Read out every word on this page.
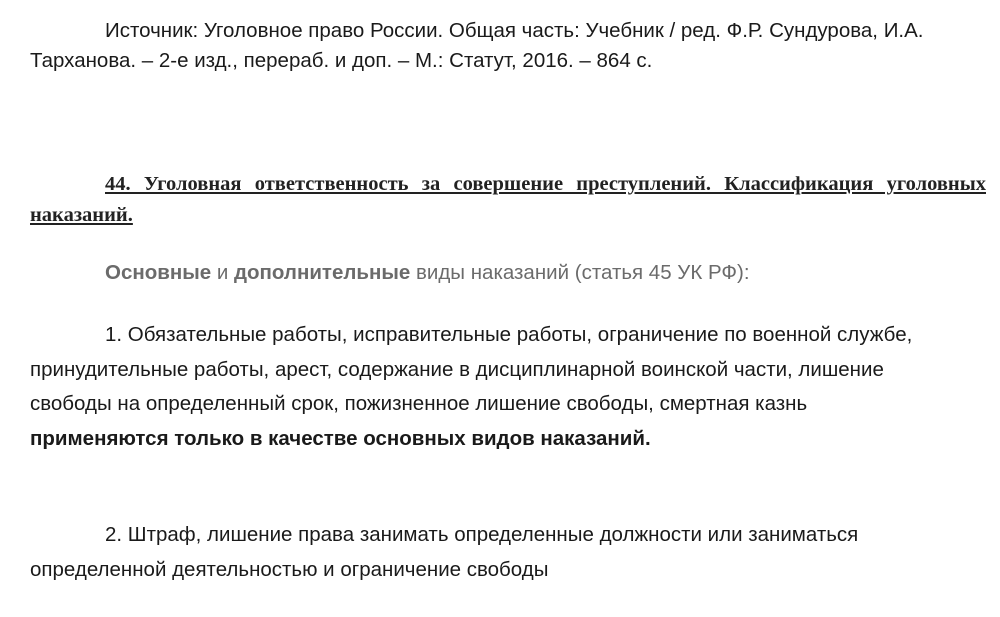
Источник: Уголовное право России. Общая часть: Учебник / ред. Ф.Р. Сундурова, И.А. Тарханова. – 2-е изд., перераб. и доп. – М.: Статут, 2016. – 864 с.

44. Уголовная ответственность за совершение преступлений. Классификация уголовных наказаний.

Основные и дополнительные виды наказаний (статья 45 УК РФ):

1. Обязательные работы, исправительные работы, ограничение по военной службе, принудительные работы, арест, содержание в дисциплинарной воинской части, лишение свободы на определенный срок, пожизненное лишение свободы, смертная казнь применяются только в качестве основных видов наказаний.

2. Штраф, лишение права занимать определенные должности или заниматься определенной деятельностью и ограничение свободы
